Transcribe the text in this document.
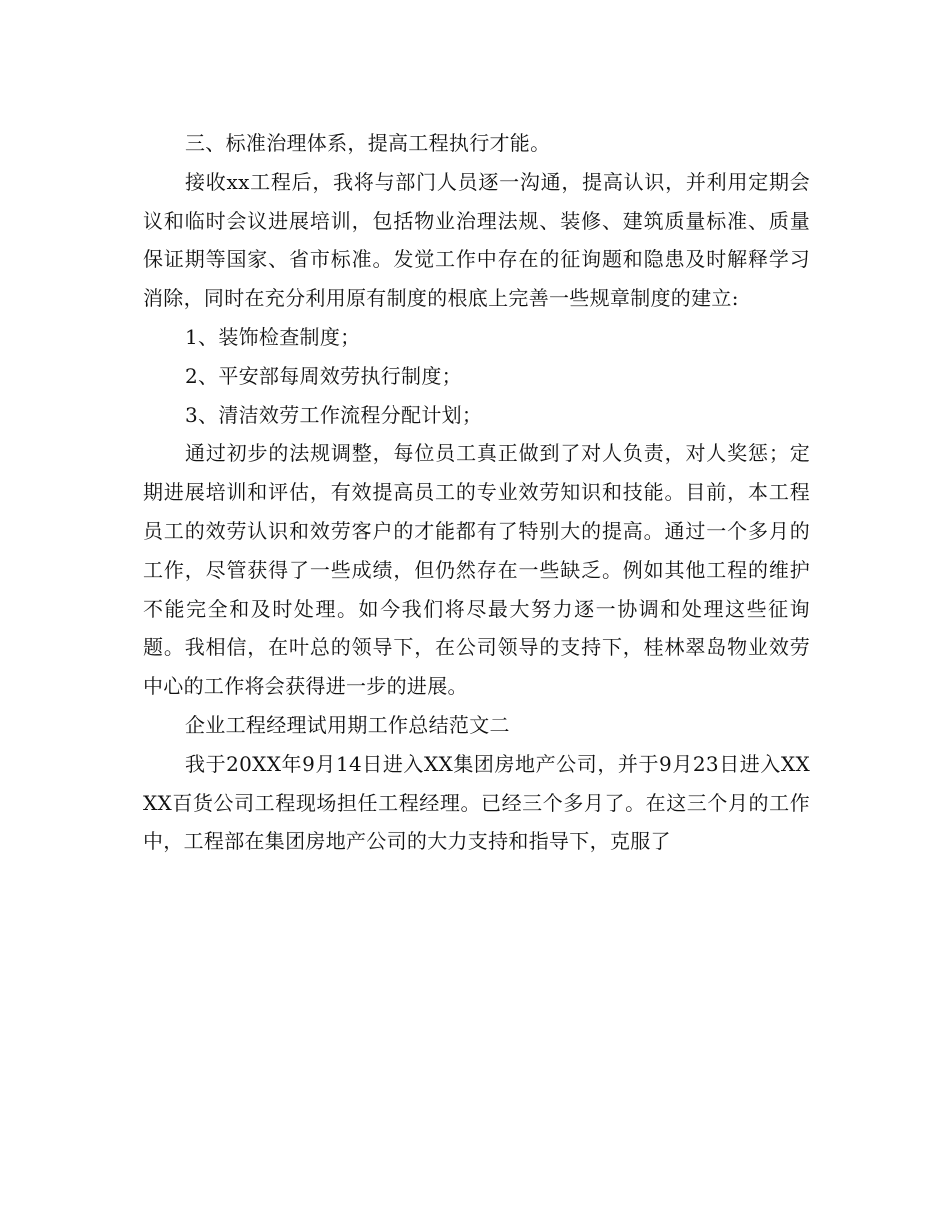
三、标准治理体系，提高工程执行才能。

接收xx工程后，我将与部门人员逐一沟通，提高认识，并利用定期会议和临时会议进展培训，包括物业治理法规、装修、建筑质量标准、质量保证期等国家、省市标准。发觉工作中存在的征询题和隐患及时解释学习消除，同时在充分利用原有制度的根底上完善一些规章制度的建立:

1、装饰检查制度；

2、平安部每周效劳执行制度；

3、清洁效劳工作流程分配计划；

通过初步的法规调整，每位员工真正做到了对人负责，对人奖惩；定期进展培训和评估，有效提高员工的专业效劳知识和技能。目前，本工程员工的效劳认识和效劳客户的才能都有了特别大的提高。通过一个多月的工作，尽管获得了一些成绩，但仍然存在一些缺乏。例如其他工程的维护不能完全和及时处理。如今我们将尽最大努力逐一协调和处理这些征询题。我相信，在叶总的领导下，在公司领导的支持下，桂林翠岛物业效劳中心的工作将会获得进一步的进展。

企业工程经理试用期工作总结范文二

我于20XX年9月14日进入XX集团房地产公司，并于9月23日进入XXXX百货公司工程现场担任工程经理。已经三个多月了。在这三个月的工作中，工程部在集团房地产公司的大力支持和指导下，克服了
